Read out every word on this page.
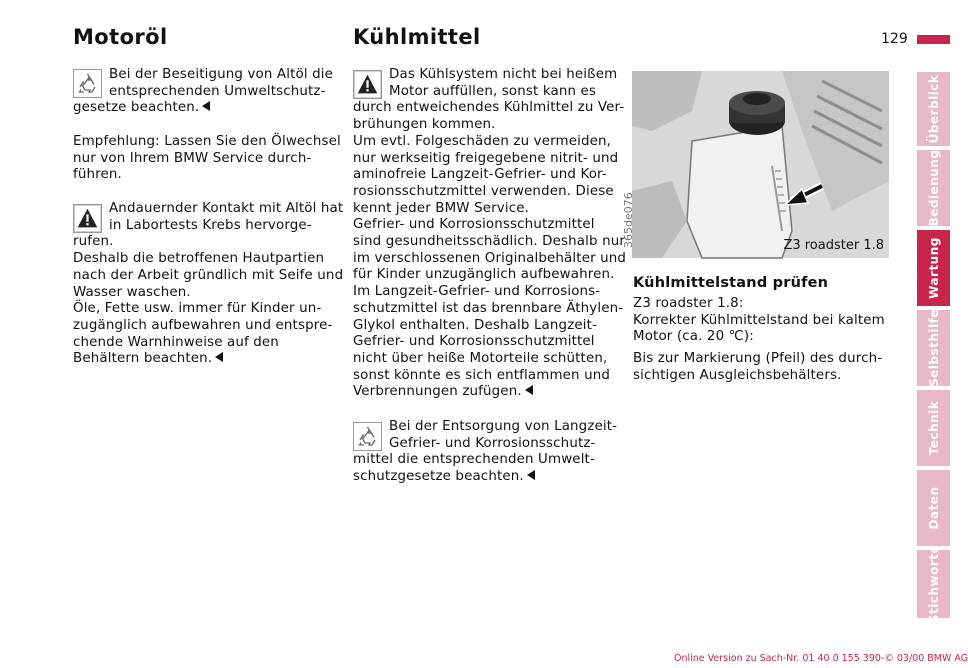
Motoröl	Kühlmittel	129
Bei der Beseitigung von Altöl die
entsprechenden Umweltschutz-
gesetze beachten.
Empfehlung: Lassen Sie den Ölwechsel
nur von Ihrem BMW Service durch-
führen.
Andauernder Kontakt mit Altöl hat
in Labortests Krebs hervorge-
rufen.
Deshalb die betroffenen Hautpartien
nach der Arbeit gründlich mit Seife und
Wasser waschen.
Öle, Fette usw. immer für Kinder un-
zugänglich aufbewahren und entspre-
chende Warnhinweise auf den
Behältern beachten.
Das Kühlsystem nicht bei heißem
Motor auffüllen, sonst kann es
durch entweichendes Kühlmittel zu Ver-
brühungen kommen.
Um evtl. Folgeschäden zu vermeiden,
nur werkseitig freigegebene nitrit- und
aminofreie Langzeit-Gefrier- und Kor-
rosionsschutzmittel verwenden. Diese
kennt jeder BMW Service.
Gefrier- und Korrosionsschutzmittel
sind gesundheitsschädlich. Deshalb nur
im verschlossenen Originalbehälter und
für Kinder unzugänglich aufbewahren.
Im Langzeit-Gefrier- und Korrosions-
schutzmittel ist das brennbare Äthylen-
Glykol enthalten. Deshalb Langzeit-
Gefrier- und Korrosionsschutzmittel
nicht über heiße Motorteile schütten,
sonst könnte es sich entflammen und
Verbrennungen zufügen.
Bei der Entsorgung von Langzeit-
Gefrier- und Korrosionsschutz-
mittel die entsprechenden Umwelt-
schutzgesetze beachten.
365de076	Z3 roadster 1.8
Kühlmittelstand prüfen
Z3 roadster 1.8:
Korrekter Kühlmittelstand bei kaltem
Motor (ca. 20 ℃):
Bis zur Markierung (Pfeil) des durch-
sichtigen Ausgleichsbehälters.
Überblick
Bedienung
Wartung
Selbsthilfe
Technik
Daten
Stichworte
Online Version zu Sach-Nr. 01 40 0 155 390-© 03/00 BMW AG
